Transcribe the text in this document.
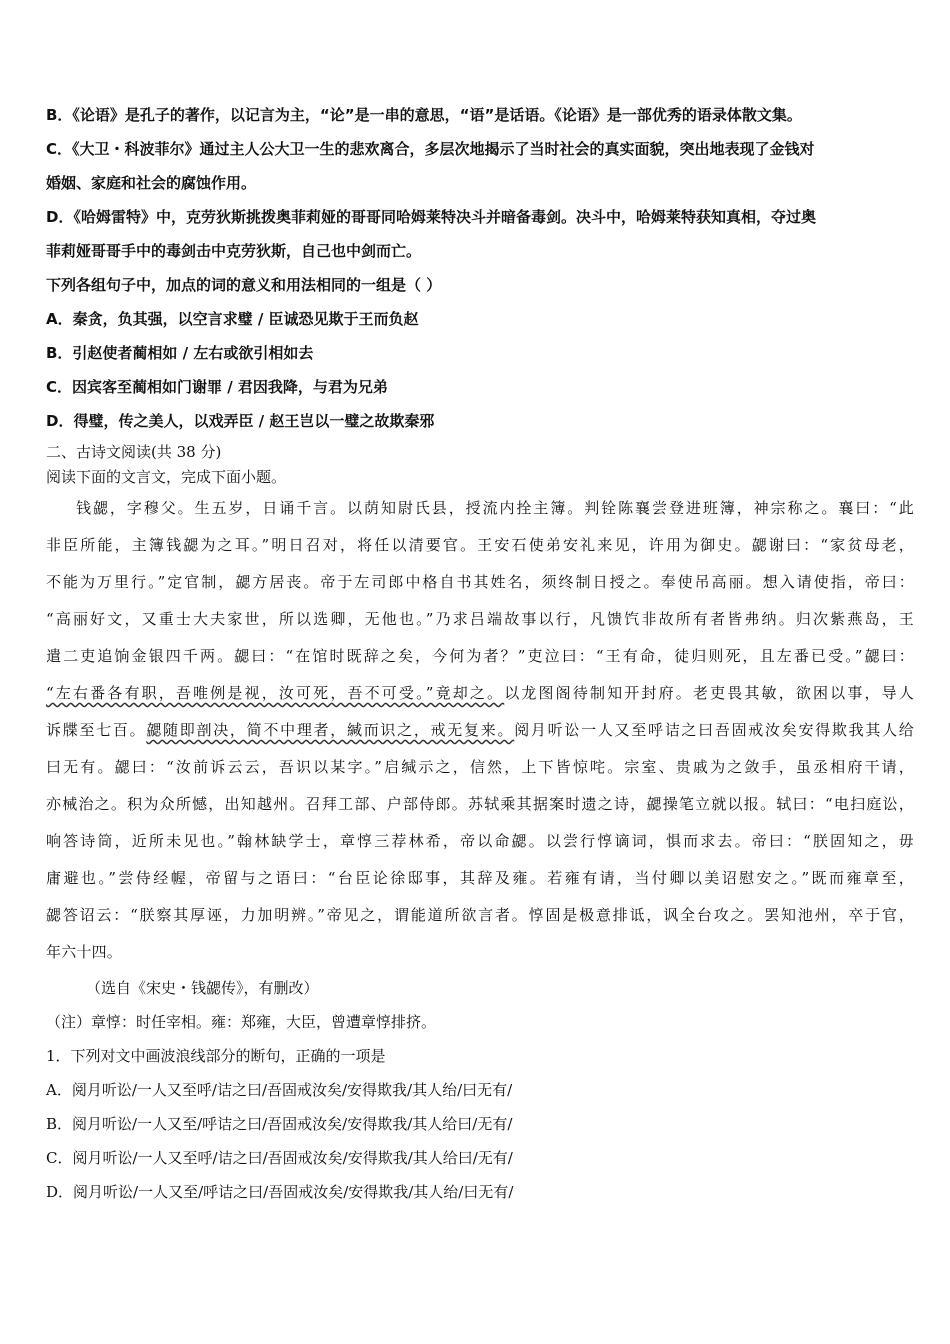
B．《论语》是孔子的著作，以记言为主，“论”是一串的意思，“语”是话语。《论语》是一部优秀的语录体散文集。
C．《大卫・科波菲尔》通过主人公大卫一生的悲欢离合，多层次地揭示了当时社会的真实面貌，突出地表现了金钱对
婚姻、家庭和社会的腐蚀作用。
D．《哈姆雷特》中，克劳狄斯挑拨奥菲莉娅的哥哥同哈姆莱特决斗并暗备毒剑。决斗中，哈姆莱特获知真相，夺过奥
菲莉娅哥哥手中的毒剑击中克劳狄斯，自己也中剑而亡。
下列各组句子中，加点的词的意义和用法相同的一组是（ ）
A．秦贪，负其强，以空言求璧 / 臣诚恐见欺于王而负赵
B．引赵使者蔺相如 / 左右或欲引相如去
C．因宾客至蔺相如门谢罪 / 君因我降，与君为兄弟
D．得璧，传之美人，以戏弄臣 / 赵王岂以一璧之故欺秦邪
二、古诗文阅读(共 38 分)
阅读下面的文言文，完成下面小题。
钱勰，字穆父。生五岁，日诵千言。以荫知尉氏县，授流内拴主簿。判铨陈襄尝登进班簿，神宗称之。襄曰：“此
非臣所能，主簿钱勰为之耳。”明日召对，将任以清要官。王安石使弟安礼来见，许用为御史。勰谢曰：“家贫母老，
不能为万里行。”定官制，勰方居丧。帝于左司郎中格自书其姓名，须终制日授之。奉使吊高丽。想入请使指，帝曰：
“高丽好文，又重士大夫家世，所以选卿，无他也。”乃求吕端故事以行，凡馈饩非故所有者皆弗纳。归次紫燕岛，王
遣二吏追饷金银四千两。勰曰：“在馆时既辞之矣，今何为者？”吏泣曰：“王有命，徒归则死，且左番已受。”勰曰：
“左右番各有职，吾唯例是视，汝可死，吾不可受。”竟却之。以龙图阁待制知开封府。老吏畏其敏，欲困以事，导人
诉牒至七百。勰随即剖决，简不中理者，緘而识之，戒无复来。阅月听讼一人又至呼诘之曰吾固戒汝矣安得欺我其人给
曰无有。勰曰：“汝前诉云云，吾识以某字。”启缄示之，信然，上下皆惊咤。宗室、贵戚为之敛手，虽丞相府干请，
亦械治之。积为众所憾，出知越州。召拜工部、户部侍郎。苏轼乘其据案时遗之诗，勰操笔立就以报。轼曰：“电扫庭讼，
响答诗筒，近所未见也。”翰林缺学士，章惇三荐林希，帝以命勰。以尝行惇谪词，惧而求去。帝曰：“朕固知之，毋
庸避也。”尝侍经幄，帝留与之语曰：“台臣论徐邸事，其辞及雍。若雍有请，当付卿以美诏慰安之。”既而雍章至，
勰答诏云：“朕察其厚诬，力加明辨。”帝见之，谓能道所欲言者。惇固是极意排诋，讽全台攻之。罢知池州，卒于官，
年六十四。
（选自《宋史・钱勰传》，有删改）
（注）章惇：时任宰相。雍：郑雍，大臣，曾遭章惇排挤。
1．下列对文中画波浪线部分的断句，正确的一项是
A．阅月听讼/一人又至呼/诘之曰/吾固戒汝矣/安得欺我/其人绐/曰无有/
B．阅月听讼/一人又至/呼诘之曰/吾固戒汝矣/安得欺我/其人给曰/无有/
C．阅月听讼/一人又至呼/诘之曰/吾固戒汝矣/安得欺我/其人给曰/无有/
D．阅月听讼/一人又至/呼诘之曰/吾固戒汝矣/安得欺我/其人绐/曰无有/
